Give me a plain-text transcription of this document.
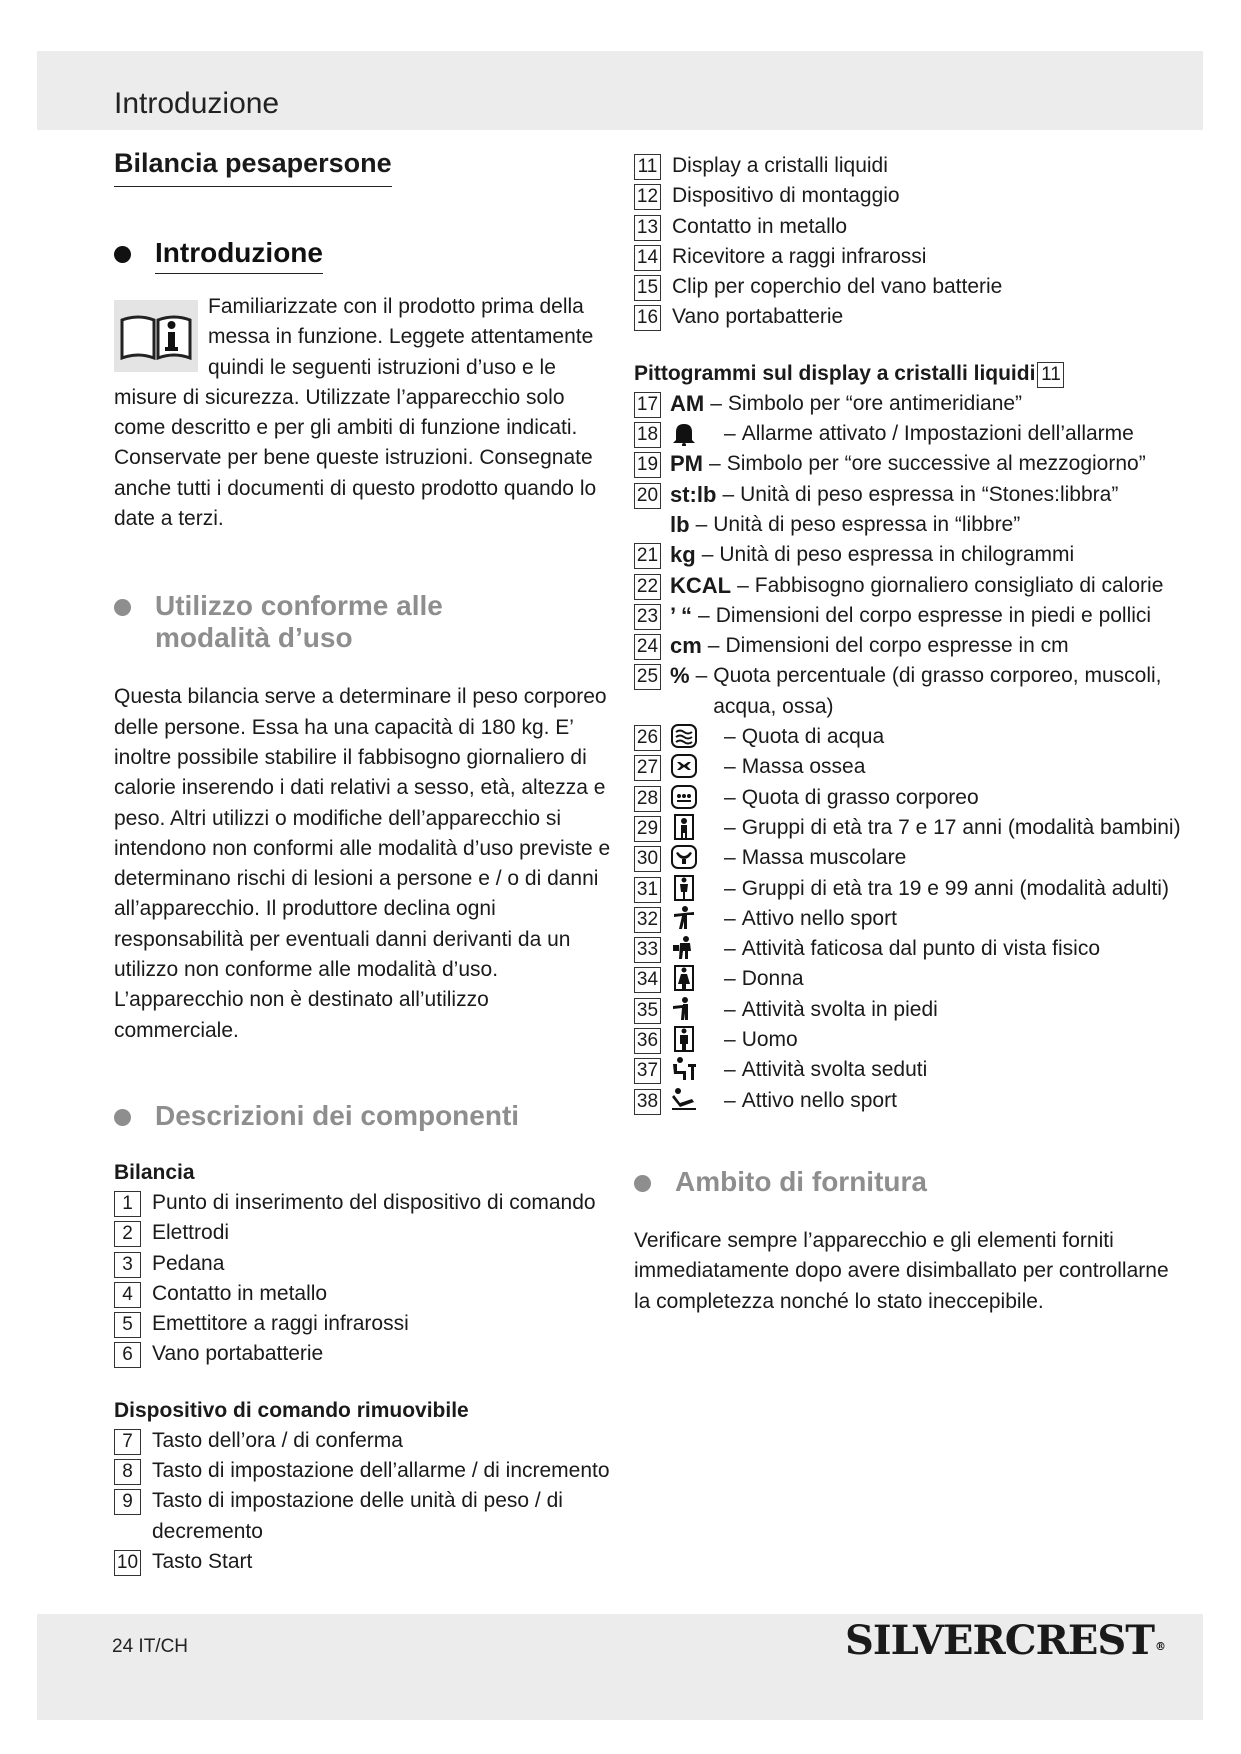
Introduzione
Bilancia pesapersone
Introduzione

Familiarizzate con il prodotto prima della messa in funzione. Leggete attentamente quindi le seguenti istruzioni d’uso e le misure di sicurezza. Utilizzate l’apparecchio solo come descritto e per gli ambiti di funzione indicati. Conservate per bene queste istruzioni. Consegnate anche tutti i documenti di questo prodotto quando lo date a terzi.

Utilizzo conforme alle
modalità d’uso

Questa bilancia serve a determinare il peso corporeo delle persone. Essa ha una capacità di 180 kg. E’ inoltre possibile stabilire il fabbisogno giornaliero di calorie inserendo i dati relativi a sesso, età, altezza e peso. Altri utilizzi o modifiche dell’apparecchio si intendono non conformi alle modalità d’uso previste e determinano rischi di lesioni a persone e / o di danni all’apparecchio. Il produttore declina ogni responsabilità per eventuali danni derivanti da un utilizzo non conforme alle modalità d’uso. L’apparecchio non è destinato all’utilizzo commerciale.

Descrizioni dei componenti

Bilancia

1 Punto di inserimento del dispositivo di comando
2 Elettrodi
3 Pedana
4 Contatto in metallo
5 Emettitore a raggi infrarossi
6 Vano portabatterie

Dispositivo di comando rimuovibile

7 Tasto dell’ora / di conferma
8 Tasto di impostazione dell’allarme / di incremento
9 Tasto di impostazione delle unità di peso / di decremento
10 Tasto Start
11 Display a cristalli liquidi
12 Dispositivo di montaggio
13 Contatto in metallo
14 Ricevitore a raggi infrarossi
15 Clip per coperchio del vano batterie
16 Vano portabatterie

Pittogrammi sul display a cristalli liquidi 11

17 AM – Simbolo per “ore antimeridiane”
18	– Allarme attivato / Impostazioni dell’allarme
19 PM – Simbolo per “ore successive al mezzogiorno”
20 st:lb – Unità di peso espressa in “Stones:libbra”
lb – Unità di peso espressa in “libbre”
21 kg – Unità di peso espressa in chilogrammi
22 KCAL – Fabbisogno giornaliero consigliato di calorie
23 ’ “ – Dimensioni del corpo espresse in piedi e pollici
24 cm – Dimensioni del corpo espresse in cm
25 % – Quota percentuale (di grasso corporeo, muscoli, acqua, ossa)
26	– Quota di acqua
27	– Massa ossea
28	– Quota di grasso corporeo
29	– Gruppi di età tra 7 e 17 anni (modalità bambini)
30	– Massa muscolare
31	– Gruppi di età tra 19 e 99 anni (modalità adulti)
32	– Attivo nello sport
33	– Attività faticosa dal punto di vista fisico
34	– Donna
35	– Attività svolta in piedi
36	– Uomo
37	– Attività svolta seduti
38	– Attivo nello sport
Ambito di fornitura

Verificare sempre l’apparecchio e gli elementi forniti immediatamente dopo avere disimballato per controllarne la completezza nonché lo stato ineccepibile.

24 IT/CH	SILVERCREST®
